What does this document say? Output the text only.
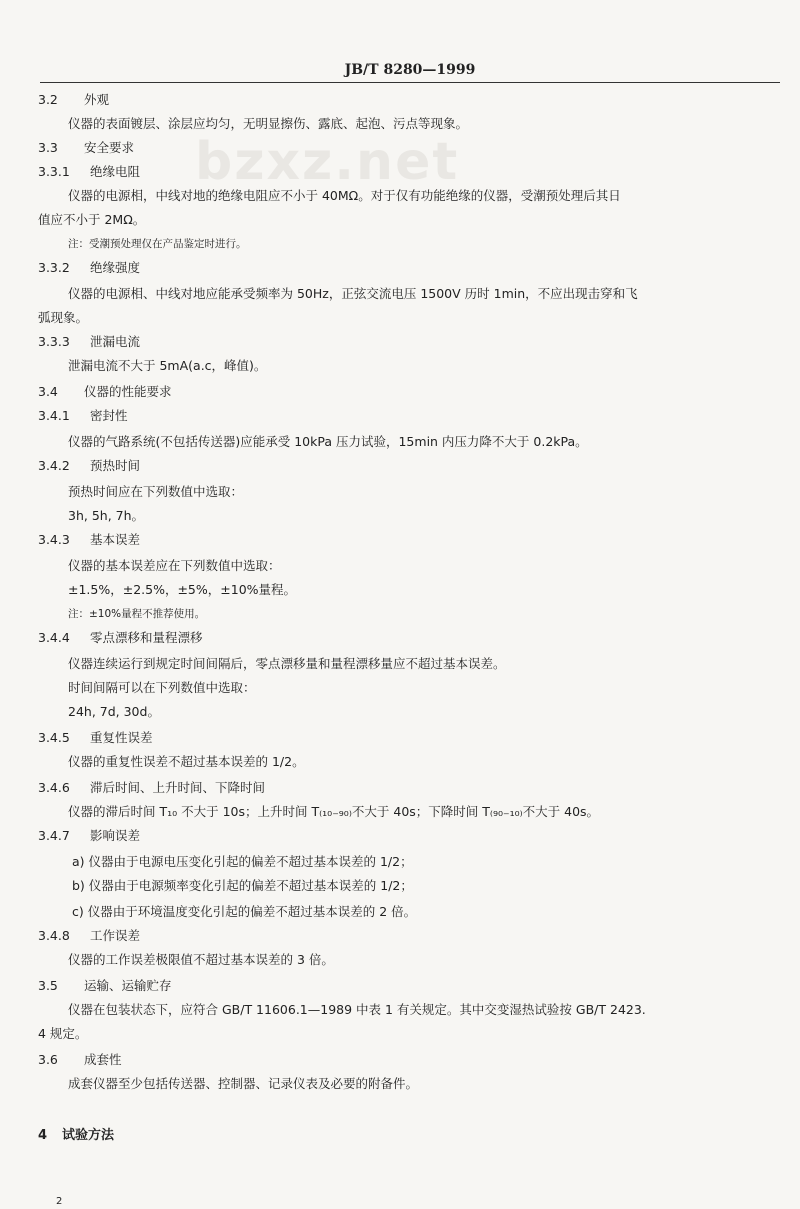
JB/T 8280—1999
bzxz.net
3.2 外观
仪器的表面镀层、涂层应均匀，无明显擦伤、露底、起泡、污点等现象。
3.3 安全要求
3.3.1 绝缘电阻
仪器的电源相，中线对地的绝缘电阻应不小于 40MΩ。对于仅有功能绝缘的仪器，受潮预处理后其日
值应不小于 2MΩ。
注：受潮预处理仅在产品鉴定时进行。
3.3.2 绝缘强度
仪器的电源相、中线对地应能承受频率为 50Hz，正弦交流电压 1500V 历时 1min，不应出现击穿和飞
弧现象。
3.3.3 泄漏电流
泄漏电流不大于 5mA(a.c，峰值)。
3.4 仪器的性能要求
3.4.1 密封性
仪器的气路系统(不包括传送器)应能承受 10kPa 压力试验，15min 内压力降不大于 0.2kPa。
3.4.2 预热时间
预热时间应在下列数值中选取：
3h, 5h, 7h。
3.4.3 基本误差
仪器的基本误差应在下列数值中选取：
±1.5%，±2.5%，±5%，±10%量程。
注：±10%量程不推荐使用。
3.4.4 零点漂移和量程漂移
仪器连续运行到规定时间间隔后，零点漂移量和量程漂移量应不超过基本误差。
时间间隔可以在下列数值中选取：
24h, 7d, 30d。
3.4.5 重复性误差
仪器的重复性误差不超过基本误差的 1/2。
3.4.6 滞后时间、上升时间、下降时间
仪器的滞后时间 T₁₀ 不大于 10s；上升时间 T₍₁₀₋₉₀₎不大于 40s；下降时间 T₍₉₀₋₁₀₎不大于 40s。
3.4.7 影响误差
a) 仪器由于电源电压变化引起的偏差不超过基本误差的 1/2；
b) 仪器由于电源频率变化引起的偏差不超过基本误差的 1/2；
c) 仪器由于环境温度变化引起的偏差不超过基本误差的 2 倍。
3.4.8 工作误差
仪器的工作误差极限值不超过基本误差的 3 倍。
3.5 运输、运输贮存
仪器在包装状态下，应符合 GB/T 11606.1—1989 中表 1 有关规定。其中交变湿热试验按 GB/T 2423.
4 规定。
3.6 成套性
成套仪器至少包括传送器、控制器、记录仪表及必要的附备件。
4 试验方法
2
